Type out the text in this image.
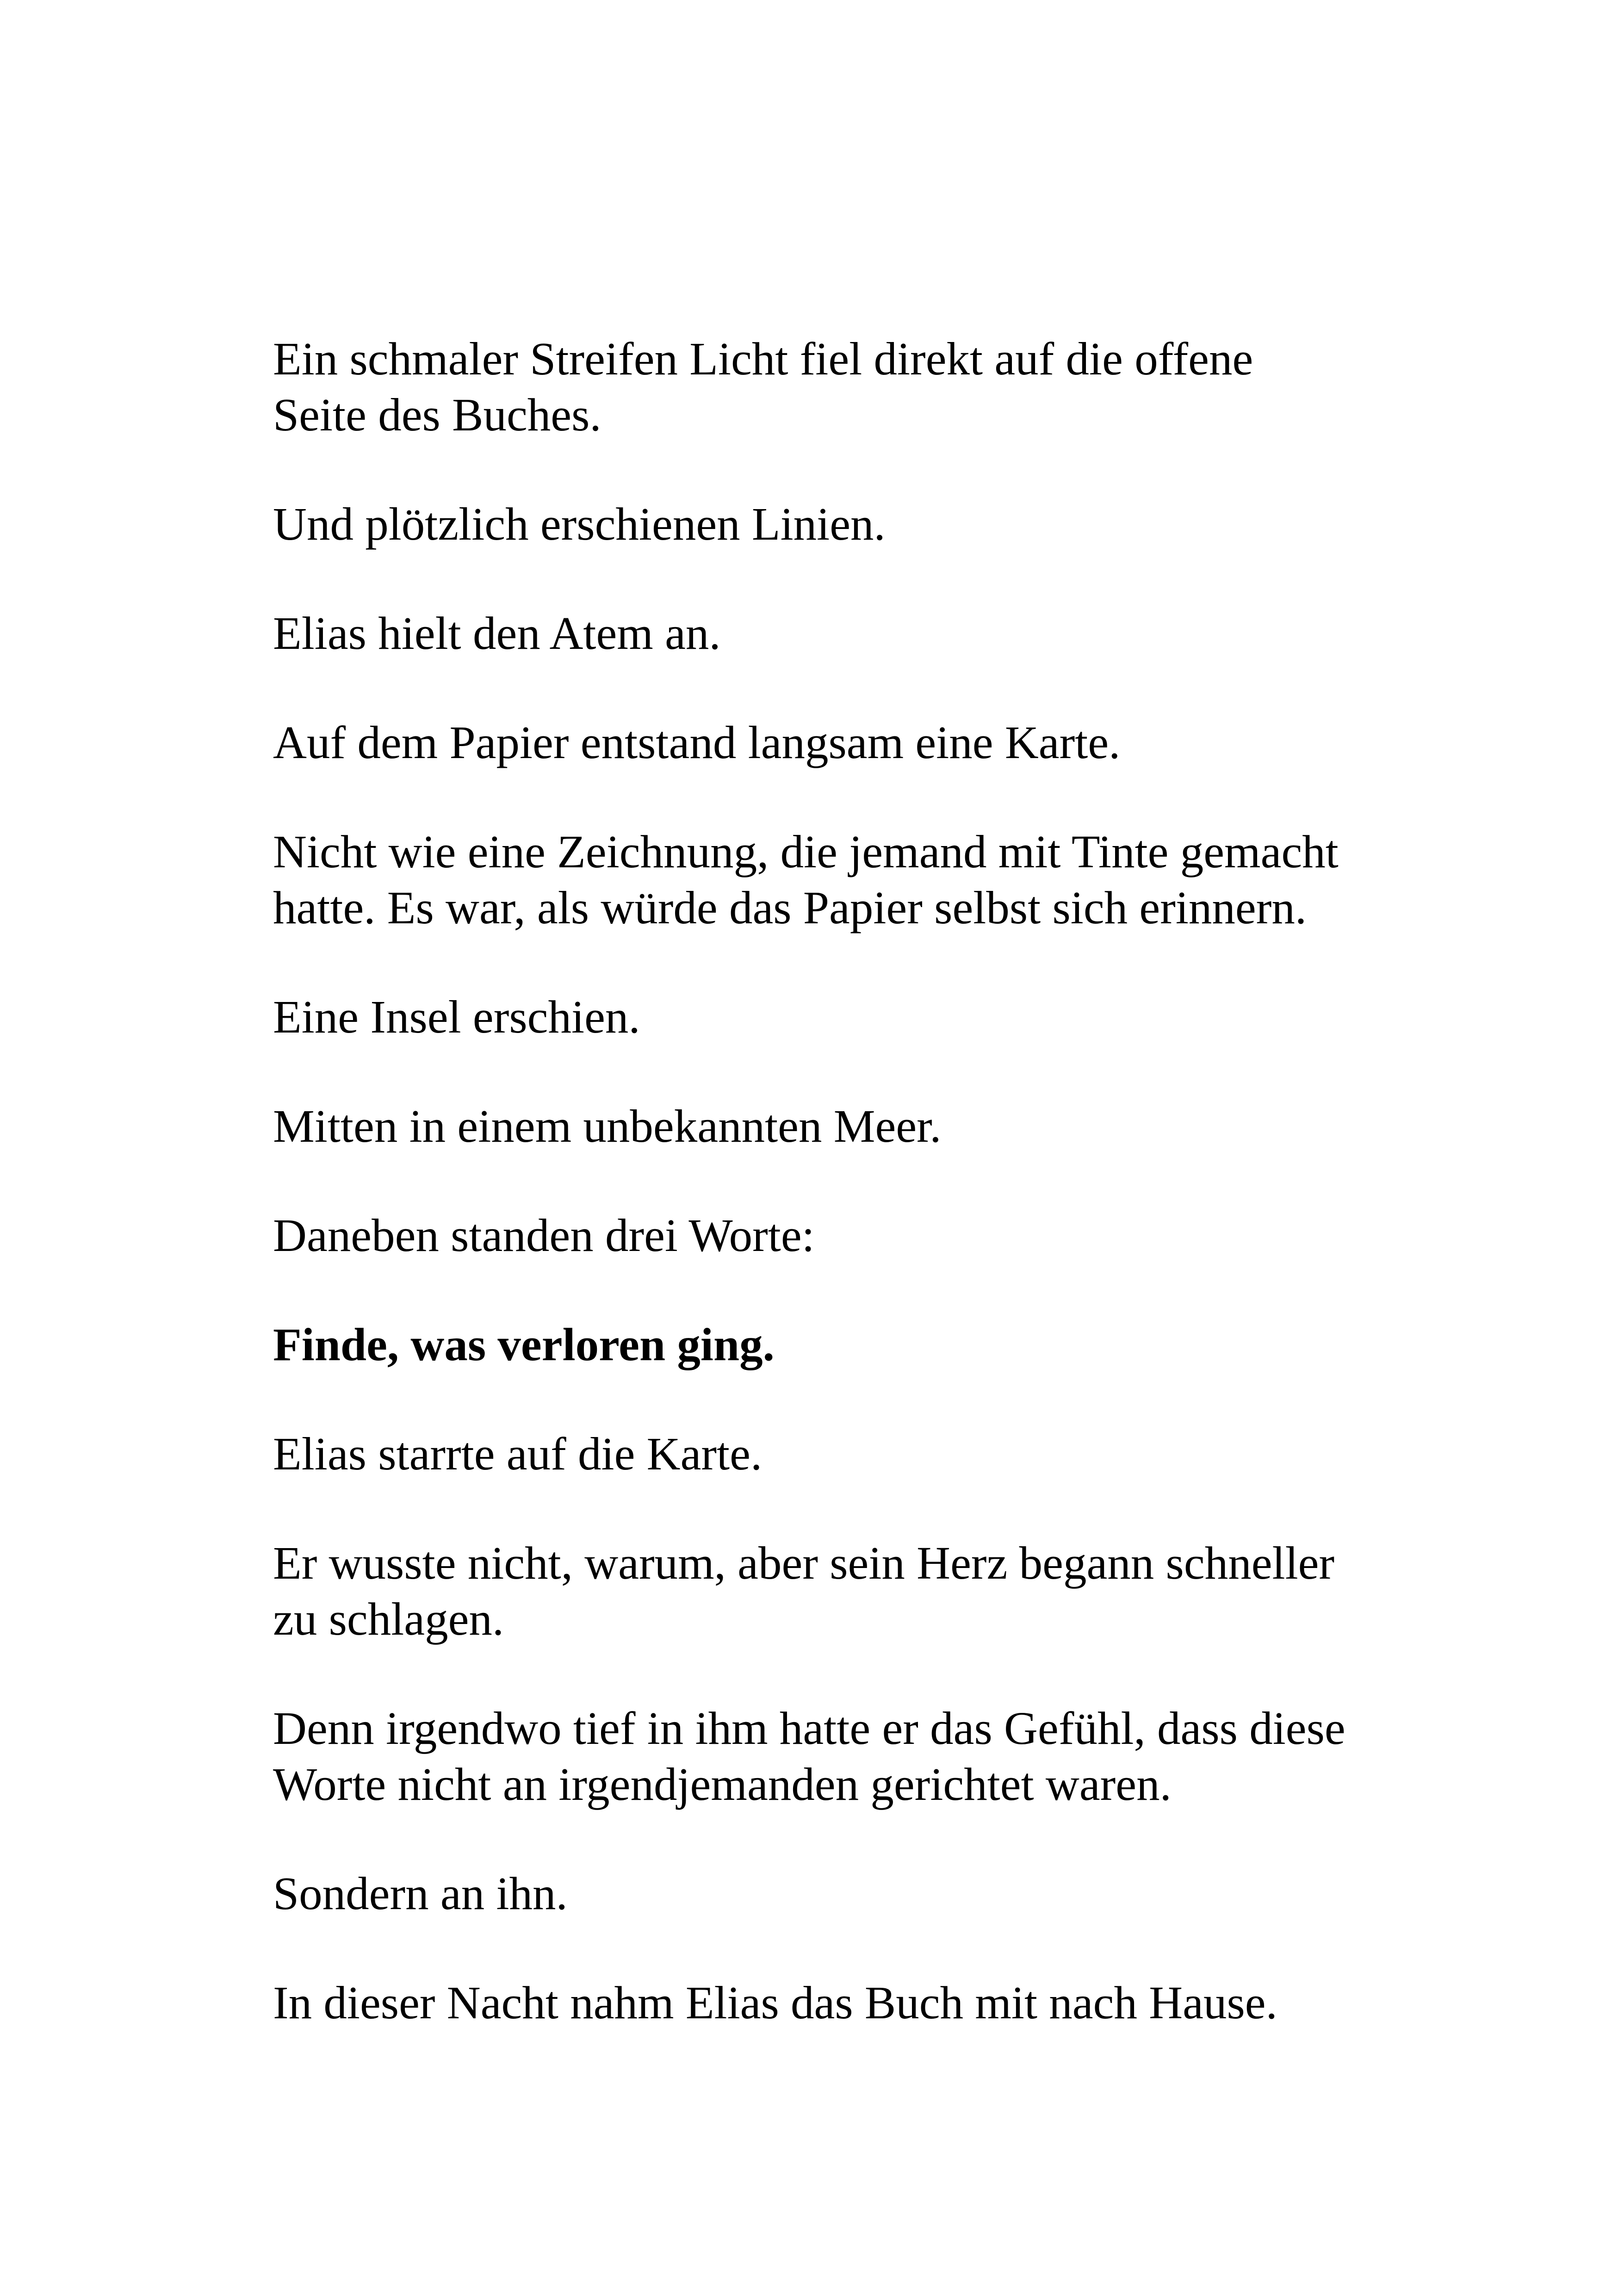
Ein schmaler Streifen Licht fiel direkt auf die offene
Seite des Buches.

Und plötzlich erschienen Linien.

Elias hielt den Atem an.

Auf dem Papier entstand langsam eine Karte.

Nicht wie eine Zeichnung, die jemand mit Tinte gemacht
hatte. Es war, als würde das Papier selbst sich erinnern.

Eine Insel erschien.

Mitten in einem unbekannten Meer.

Daneben standen drei Worte:

Finde, was verloren ging.

Elias starrte auf die Karte.

Er wusste nicht, warum, aber sein Herz begann schneller
zu schlagen.

Denn irgendwo tief in ihm hatte er das Gefühl, dass diese
Worte nicht an irgendjemanden gerichtet waren.

Sondern an ihn.

In dieser Nacht nahm Elias das Buch mit nach Hause.
